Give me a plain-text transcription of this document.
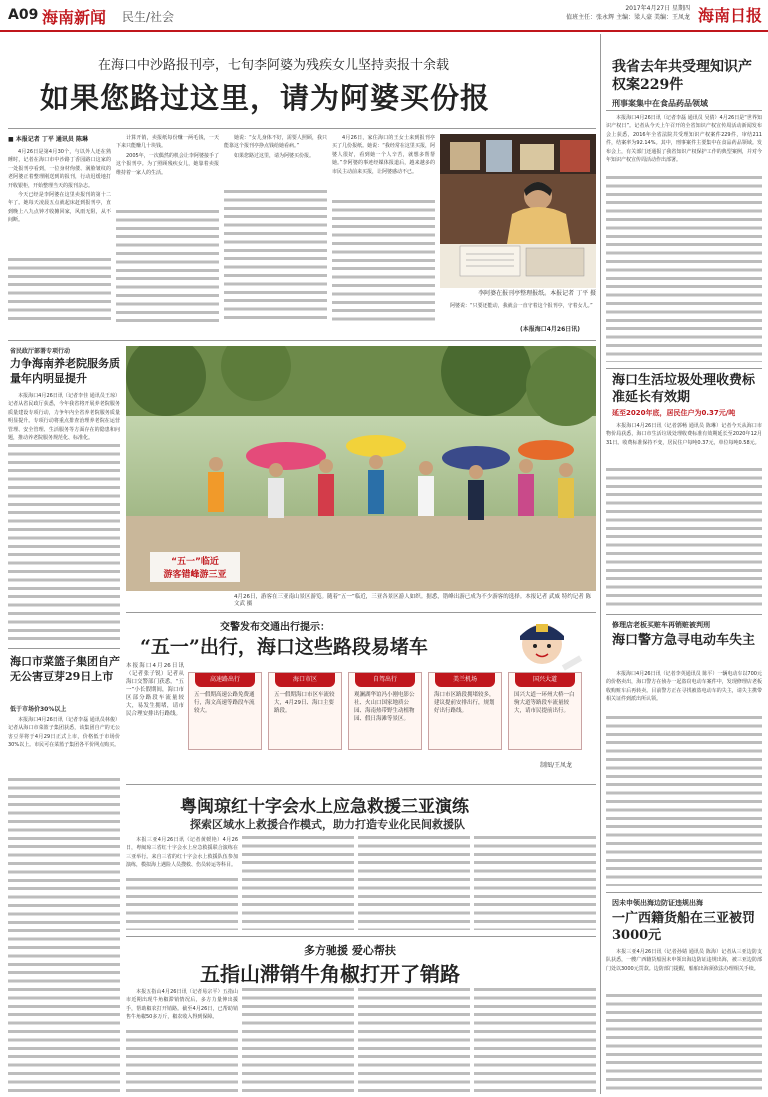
A09 海南新闻 民生/社会
2017年4月27日 星期四
值班主任：张永辉 主编：梁人豪 美编：王凤龙 海南日报
在海口中沙路报刊亭，七旬李阿婆为残疾女儿坚持卖报十余载
如果您路过这里，请为阿婆买份报
■ 本报记者 丁平 通讯员 陈琳

4月26日是第4月30个，与以外人还在熟睡时，记者在海口市中沙路丁香园路口这家的一处报刊亭看到，一位身材佝偻、满脸皱纹的老阿婆正着整理刚送到的报刊，行动迟缓地打开收银柜，开始整理当天的报刊杂志。

今天已经是李阿婆在这里卖报刊的第十二年了。她每天凌晨五点就起床赶到报刊亭，直到晚上八九点钟才收摊回家，风雨无阻，从不间断。

计算开销，卖报纸每份赚一两毛钱，一天下来只能赚几十块钱。

2005年，一次偶然的机会让李阿婆接手了这个报刊亭。为了照顾残疾女儿，她靠着卖报维持着一家人的生活。

她说：“女儿身体不好，需要人照顾，我只能靠这个报刊亭挣点钱给她看病。”

如果您路过这里，请为阿婆买份报。

4月26日，家住海口的王女士来到报刊亭买了几份报纸。她说：“我经常在这里买报，阿婆人很好，看到她一个人辛苦，就想多帮帮她。”李阿婆的事迹经媒体报道后，越来越多的市民主动前来买报，让阿婆感动不已。

李阿婆在报刊亭整理报纸。本报记者 丁平 摄

阿婆说：“只要还能动，我就会一直守着这个报刊亭，守着女儿。”

(本报海口4月26日讯)
我省去年共受理知识产权案229件
刑事案集中在食品药品领域

本报海口4月26日讯（记者李磊 通讯员 吴倩）4月26日是“世界知识产权日”。记者从今天上午召开的全省知识产权宣传周活动新闻发布会上获悉，2016年全省法院共受理知识产权案件229件，审结211件，结案率为92.14%。其中，刑事案件主要集中在食品药品领域。发布会上，有关部门还通报了我省知识产权保护工作的典型案例，并对今年知识产权宣传周活动作出部署。

海口生活垃圾处理收费标准延长有效期
延至2020年底，居民住户为0.37元/吨

本报海口4月26日讯（记者郭畅 通讯员 陈琳）记者今天从海口市物价局获悉，海口市生活垃圾处理收费标准有效期延长至2020年12月31日。收费标准保持不变，居民住户每吨0.37元，单位每吨0.58元。

修理店老板买赃车再销赃被判刑
海口警方急寻电动车失主

本报海口4月26日讯（记者李英通讯员 陈平）一辆电动车以700元的价格卖出，海口警方在侦办一起盗窃电动车案件中，发现修理店老板收购赃车后再转卖。目前警方正在寻找被盗电动车的失主，请失主携带相关证件到派出所认领。

因未申领出海边防证违规出海
一广西籍货船在三亚被罚3000元

本报三亚4月26日讯（记者孙婧 通讯员 陈海）记者从三亚边防支队获悉，一艘广西籍货船因未申领出海边防证违规出海，被三亚边防部门处以3000元罚款。边防部门提醒，船舶出海须依法办理相关手续。

省民政厅部署专项行动
力争海南养老院服务质量年内明显提升

本报海口4月26日讯（记者李佳 通讯员王琼）记者从省民政厅获悉，今年我省将开展养老院服务质量建设专项行动，力争年内全省养老院服务质量明显提升。专项行动将重点排查治理养老院在运营管理、安全管理、生活服务等方面存在的隐患和问题，推动养老院服务规范化、标准化。

“五一”临近
游客错峰游三亚
4月26日，游客在三亚南山景区游览。随着“五一”临近，三亚各景区游人如织。据悉，错峰出游已成为不少游客的选择。本报记者 武威 特约记者 陈文武 摄
交警发布交通出行提示：
“五一”出行，海口这些路段易堵车

本报海口4月26日讯（记者张子锐）记者从海口交警部门获悉，“五一”小长假期间，海口市区部分路段车流量较大，易发生拥堵，请市民合理安排出行路线。

高速路出行
五一假期高速公路免费通行，海文高速等路段车流较大。
海口市区
五一假期海口市区车流较大，4月29日、海口主要路段。
自驾出行
观澜湖华谊冯小刚电影公社、火山口国家地质公园、海南热带野生动植物园、假日海滩等景区。
美兰机场
海口市区路段拥堵较多，建议提前安排出行，规划好出行路线。
国兴大道
国兴大道一环州大桥一白驹大道等路段车流量较大，请市民提前出行。
制图/王凤龙
海口市菜篮子集团自产无公害豆芽29日上市
低于市场价30%以上

本报海口4月26日讯（记者李磊 通讯员林俊）记者从海口市菜篮子集团获悉，该集团自产的无公害豆芽将于4月29日正式上市，价格低于市场价30%以上。市民可在菜篮子集团各平价网点购买。

粤闽琼红十字会水上应急救援三亚演练
探索区域水上救援合作模式，助力打造专业化民间救援队

本报三亚4月26日讯（记者黄媛艳）4月26日，粤闽琼三省红十字会水上应急救援联合演练在三亚举行。来自三省的红十字会水上救援队伍参加演练，模拟海上遇险人员搜救、伤员转运等科目。

多方驰援 爱心帮扶
五指山滞销牛角椒打开了销路

本报五指山4月26日讯（记者易宗平）五指山市近期出现牛角椒滞销情况后，多方力量伸出援手，帮助椒农打开销路。截至4月26日，已帮助销售牛角椒50多万斤，椒农收入得到保障。
